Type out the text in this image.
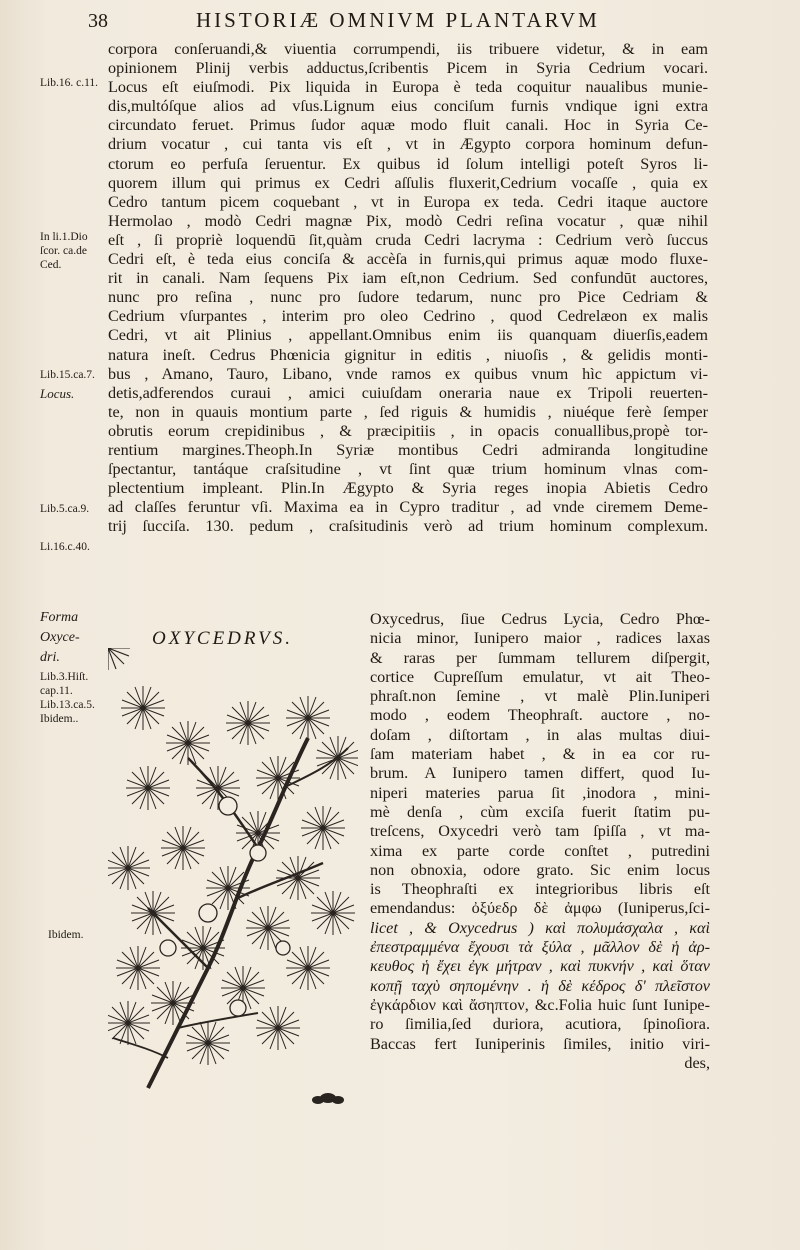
38	HISTORIÆ OMNIVM PLANTARVM
corpora conſeruandi,& viuentia corrumpendi, iis tribuere videtur, & in eam
opinionem Plinij verbis adductus,ſcribentis Picem in Syria Cedrium vocari.
Locus eſt eiuſmodi. Pix liquida in Europa è teda coquitur naualibus munie-
dis,multóſque alios ad vſus.Lignum eius conciſum furnis vndique igni extra
circundato feruet. Primus ſudor aquæ modo fluit canali. Hoc in Syria Ce-
drium vocatur , cui tanta vis eſt , vt in Ægypto corpora hominum defun-
ctorum eo perfuſa ſeruentur. Ex quibus id ſolum intelligi poteſt Syros li-
quorem illum qui primus ex Cedri aſſulis fluxerit,Cedrium vocaſſe , quia ex
Cedro tantum picem coquebant , vt in Europa ex teda. Cedri itaque auctore
Hermolao , modò Cedri magnæ Pix, modò Cedri reſina vocatur , quæ nihil
eſt , ſi propriè loquendū ſit,quàm cruda Cedri lacryma : Cedrium verò ſuccus
Cedri eſt, è teda eius conciſa & accèſa in furnis,qui primus aquæ modo fluxe-
rit in canali. Nam ſequens Pix iam eſt,non Cedrium. Sed confundūt auctores,
nunc pro reſina , nunc pro ſudore tedarum, nunc pro Pice Cedriam &
Cedrium vſurpantes , interim pro oleo Cedrino , quod Cedrelæon ex malis
Cedri, vt ait Plinius , appellant.Omnibus enim iis quanquam diuerſis,eadem
natura ineſt. Cedrus Phœnicia gignitur in editis , niuoſis , & gelidis monti-
bus , Amano, Tauro, Libano, vnde ramos ex quibus vnum hìc appictum vi-
detis,adferendos curaui , amici cuiuſdam oneraria naue ex Tripoli reuerten-
te, non in quauis montium parte , ſed riguis & humidis , niuéque ferè ſemper
obrutis eorum crepidinibus , & præcipitiis , in opacis conuallibus,propè tor-
rentium margines.Theoph.In Syriæ montibus Cedri admiranda longitudine
ſpectantur, tantáque craſsitudine , vt ſint quæ trium hominum vlnas com-
plectentium impleant. Plin.In Ægypto & Syria reges inopia Abietis Cedro
ad claſſes feruntur vſi. Maxima ea in Cypro traditur , ad vnde ciremem Deme-
trij ſucciſa. 130. pedum , craſsitudinis verò ad trium hominum complexum.
Lib.16. c.11.
In li.1.Dio
ſcor. ca.de
Ced.
Lib.15.ca.7.
Locus.
Lib.5.ca.9.
Li.16.c.40.
Forma
Oxyce-
dri.
Lib.3.Hiſt.
cap.11.
Lib.13.ca.5.
Ibidem..
Ibidem.
OXYCEDRVS.
Oxycedrus, ſiue Cedrus Lycia, Cedro Phœ-
nicia minor, Iunipero maior , radices laxas
& raras per ſummam tellurem diſpergit,
cortice Cupreſſum emulatur, vt ait Theo-
phraſt.non ſemine , vt malè Plin.Iuniperi
modo , eodem Theophraſt. auctore , no-
doſam , diſtortam , in alas multas diui-
ſam materiam habet , & in ea cor ru-
brum. A Iunipero tamen differt, quod Iu-
niperi materies parua ſit ,inodora , mini-
mè denſa , cùm exciſa fuerit ſtatim pu-
treſcens, Oxycedri verò tam ſpiſſa , vt ma-
xima ex parte corde conſtet , putredini
non obnoxia, odore grato. Sic enim locus
is Theophraſti ex integrioribus libris eſt
emendandus: ὀξύεδρ δὲ ἀμφω (Iuniperus,ſci-
licet , & Oxycedrus ) καὶ πολυμάσχαλα , καὶ
ἐπεστραμμένα ἔχουσι τὰ ξύλα , μᾶλλον δὲ ἡ ἀρ-
κευθος ἡ ἔχει ἐγκ μήτραν , καὶ πυκνήν , καὶ ὅταν
κοπῇ ταχὺ σηπομένην . ἡ δὲ κέδρος δ' πλεῖστον
ἐγκάρδιον καὶ ἄσηπτον, &c.Folia huic ſunt Iunipe-
ro ſimilia,ſed duriora, acutiora, ſpinoſiora.
Baccas fert Iuniperinis ſimiles, initio viri-
des,
